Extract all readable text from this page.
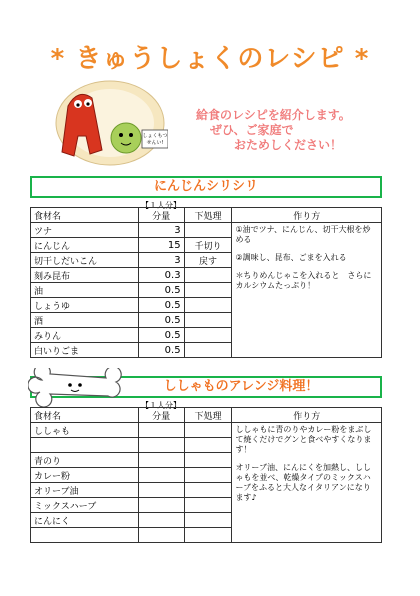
* きゅうしょくのレシピ *
しょくもつ
せんい!
給食のレシピを紹介します。
ぜひ、ご家庭で
おためしください！
にんじんシリシリ
【１人分】
食材名	分量	下処理	作り方
ツナ	3		①油でツナ、にんじん、切干大根を炒める
②調味し、昆布、ごまを入れる
＊ちりめんじゃこを入れると　さらにカルシウムたっぷり！

にんじん	15	千切り	
切干しだいこん	3	戻す	
刻み昆布	0.3		
油	0.5		
しょうゆ	0.5		
酒	0.5		
みりん	0.5		
白いりごま	0.5		
ししゃものアレンジ料理！
【１人分】
食材名	分量	下処理	作り方
ししゃも			ししゃもに青のりやカレー粉をまぶして焼くだけでグンと食べやすくなります！
オリーブ油、にんにくを加熱し、ししゃもを並べ、乾燥タイプのミックスハーブをふると大人なイタリアンになります♪

青のり			
カレー粉			
オリーブ油			
ミックスハーブ			
にんにく			
